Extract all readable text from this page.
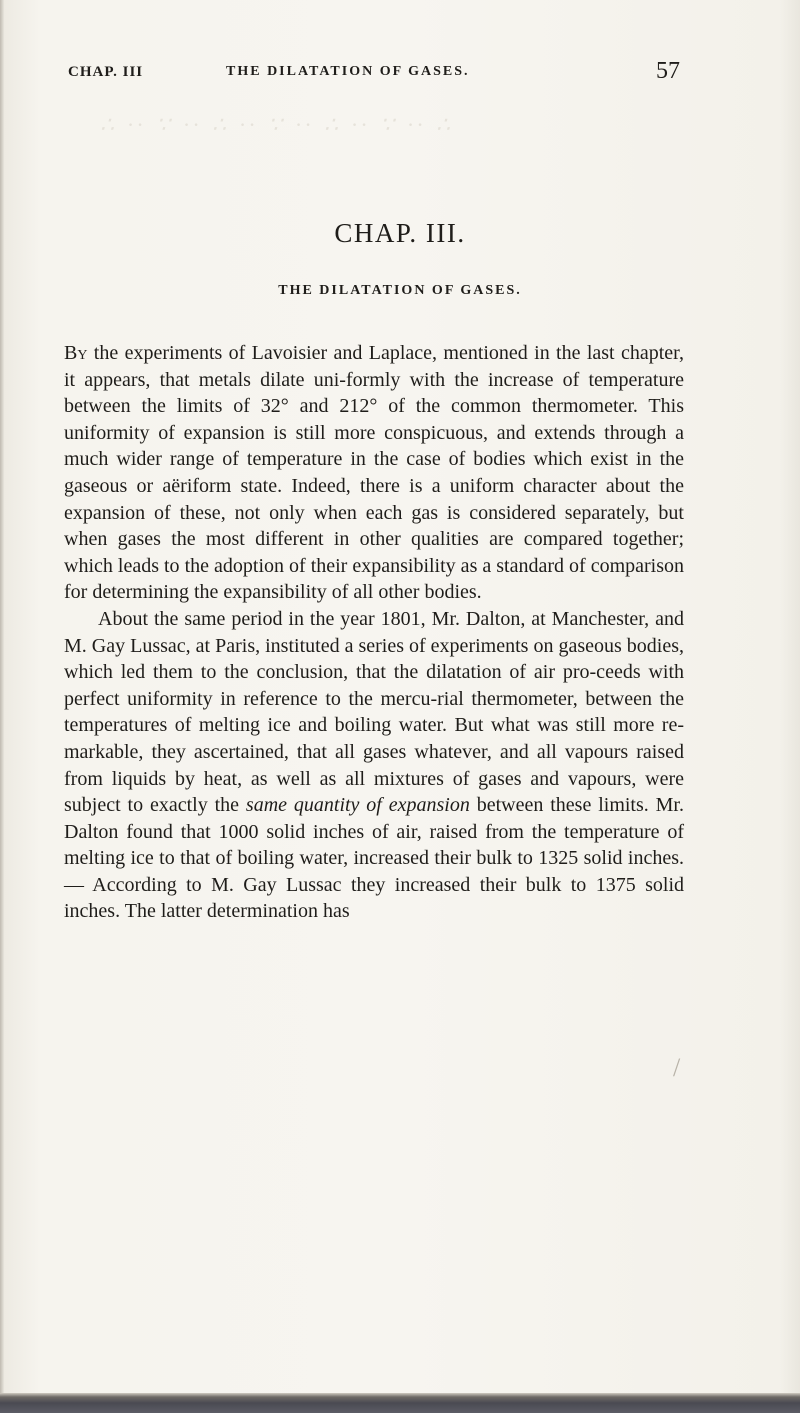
CHAP. III	THE DILATATION OF GASES.	57
∴ ·· ∵ ·· ∴ ·· ∵ ·· ∴ ·· ∵ ·· ∴
CHAP. III.
THE DILATATION OF GASES.

By the experiments of Lavoisier and Laplace, mentioned in the last chapter, it appears, that metals dilate uni-formly with the increase of temperature between the limits of 32° and 212° of the common thermometer. This uniformity of expansion is still more conspicuous, and extends through a much wider range of temperature in the case of bodies which exist in the gaseous or aëriform state. Indeed, there is a uniform character about the expansion of these, not only when each gas is considered separately, but when gases the most different in other qualities are compared together; which leads to the adoption of their expansibility as a standard of comparison for determining the expansibility of all other bodies.

About the same period in the year 1801, Mr. Dalton, at Manchester, and M. Gay Lussac, at Paris, instituted a series of experiments on gaseous bodies, which led them to the conclusion, that the dilatation of air pro-ceeds with perfect uniformity in reference to the mercu-rial thermometer, between the temperatures of melting ice and boiling water. But what was still more re-markable, they ascertained, that all gases whatever, and all vapours raised from liquids by heat, as well as all mixtures of gases and vapours, were subject to exactly the same quantity of expansion between these limits. Mr. Dalton found that 1000 solid inches of air, raised from the temperature of melting ice to that of boiling water, increased their bulk to 1325 solid inches. — According to M. Gay Lussac they increased their bulk to 1375 solid inches. The latter determination has

/
